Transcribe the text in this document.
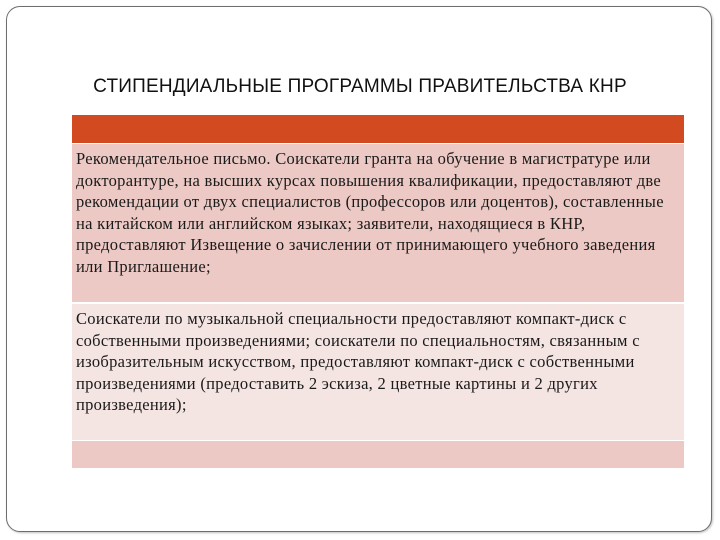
СТИПЕНДИАЛЬНЫЕ ПРОГРАММЫ ПРАВИТЕЛЬСТВА КНР
Рекомендательное письмо. Соискатели гранта на обучение в магистратуре или докторантуре, на высших курсах повышения квалификации, предоставляют две рекомендации от двух специалистов (профессоров или доцентов), составленные на китайском или английском языках; заявители, находящиеся в КНР, предоставляют Извещение о зачислении от принимающего учебного заведения или Приглашение;
Соискатели по музыкальной специальности предоставляют компакт-диск с собственными произведениями; соискатели по специальностям, связанным с изобразительным искусством, предоставляют компакт-диск с собственными произведениями (предоставить 2 эскиза, 2 цветные картины и 2 других произведения);
